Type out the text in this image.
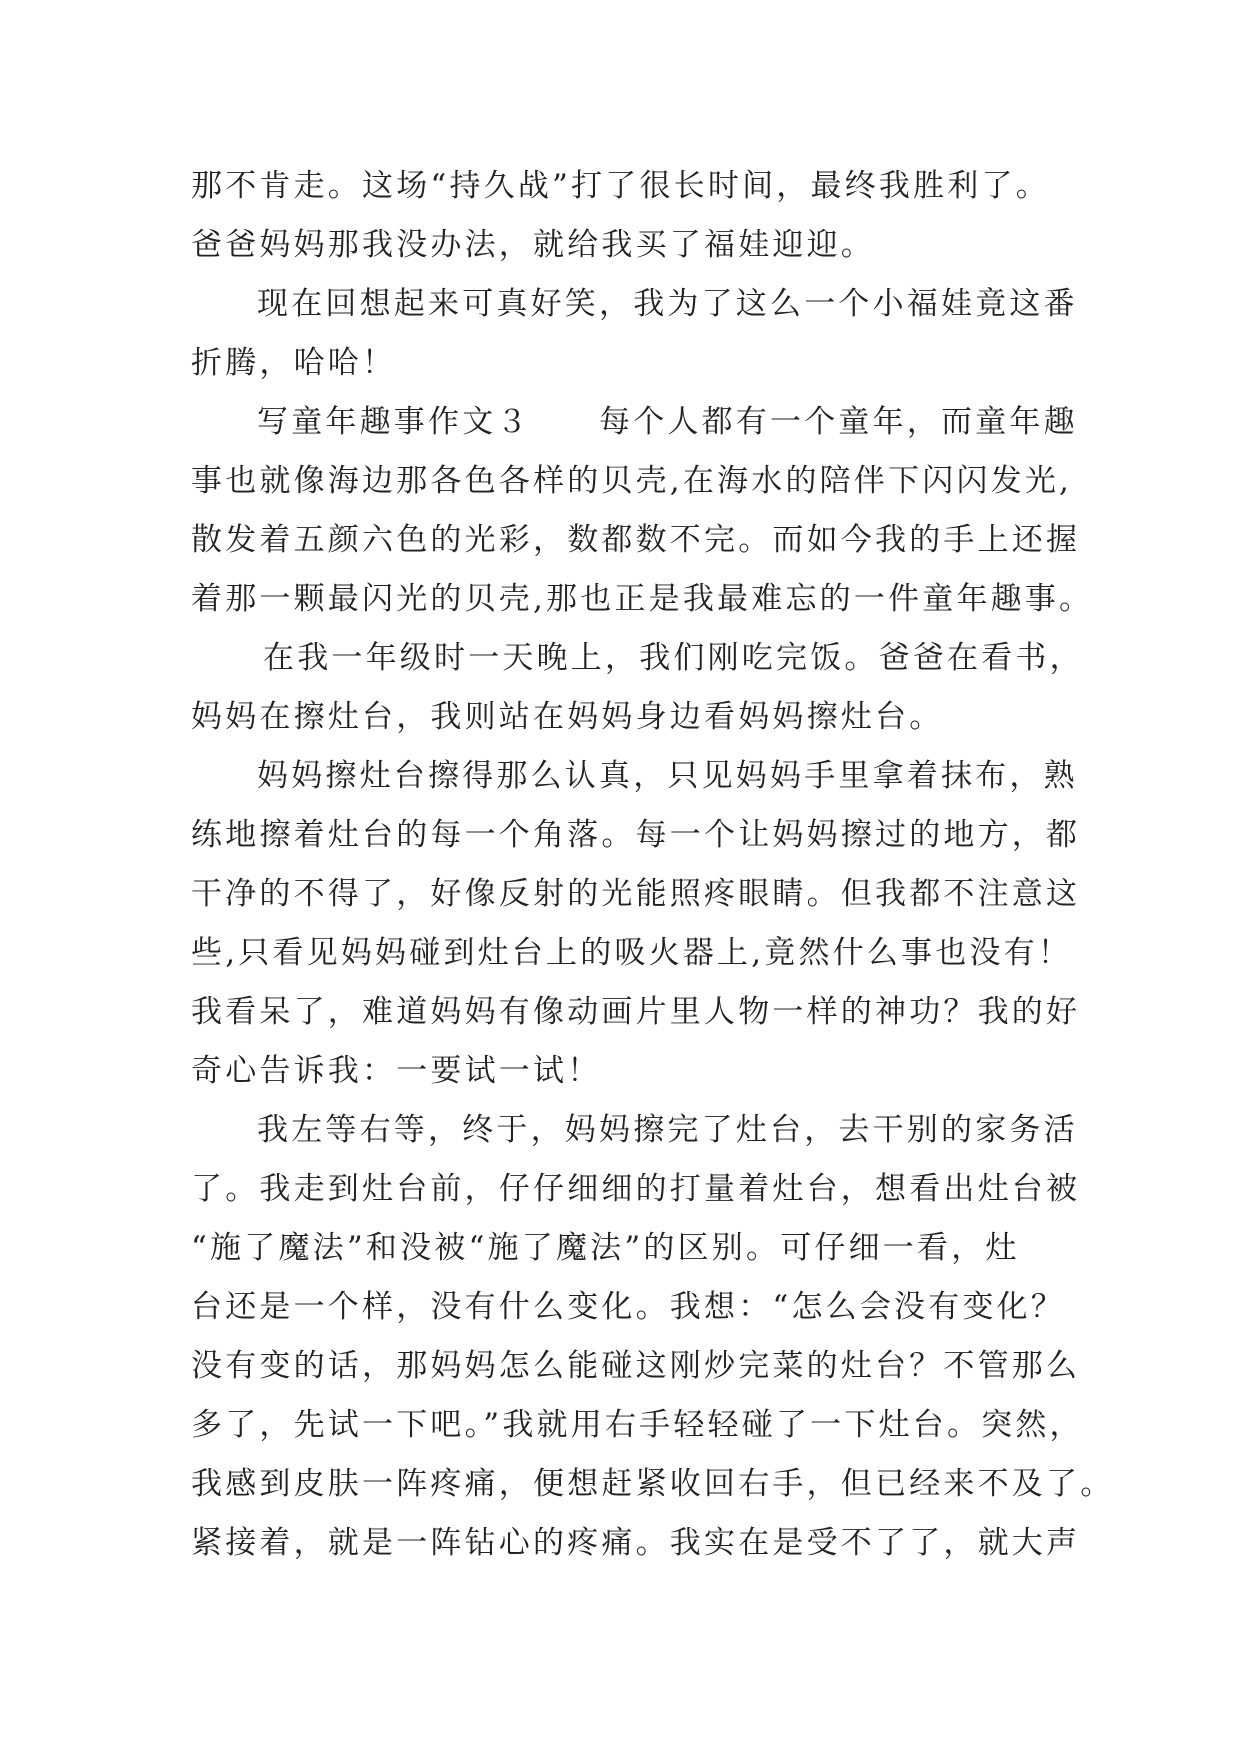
那不肯走。这场“持久战”打了很长时间，最终我胜利了。
爸爸妈妈那我没办法，就给我买了福娃迎迎。
现在回想起来可真好笑，我为了这么一个小福娃竟这番
折腾，哈哈！
写童年趣事作文３　　每个人都有一个童年，而童年趣
事也就像海边那各色各样的贝壳,在海水的陪伴下闪闪发光,
散发着五颜六色的光彩，数都数不完。而如今我的手上还握
着那一颗最闪光的贝壳,那也正是我最难忘的一件童年趣事。
在我一年级时一天晚上，我们刚吃完饭。爸爸在看书，
妈妈在擦灶台，我则站在妈妈身边看妈妈擦灶台。
妈妈擦灶台擦得那么认真，只见妈妈手里拿着抹布，熟
练地擦着灶台的每一个角落。每一个让妈妈擦过的地方，都
干净的不得了，好像反射的光能照疼眼睛。但我都不注意这
些,只看见妈妈碰到灶台上的吸火器上,竟然什么事也没有！
我看呆了，难道妈妈有像动画片里人物一样的神功？我的好
奇心告诉我：一要试一试！
我左等右等，终于，妈妈擦完了灶台，去干别的家务活
了。我走到灶台前，仔仔细细的打量着灶台，想看出灶台被
“施了魔法”和没被“施了魔法”的区别。可仔细一看，灶
台还是一个样，没有什么变化。我想：“怎么会没有变化？
没有变的话，那妈妈怎么能碰这刚炒完菜的灶台？不管那么
多了，先试一下吧。”我就用右手轻轻碰了一下灶台。突然，
我感到皮肤一阵疼痛，便想赶紧收回右手，但已经来不及了。
紧接着，就是一阵钻心的疼痛。我实在是受不了了，就大声
